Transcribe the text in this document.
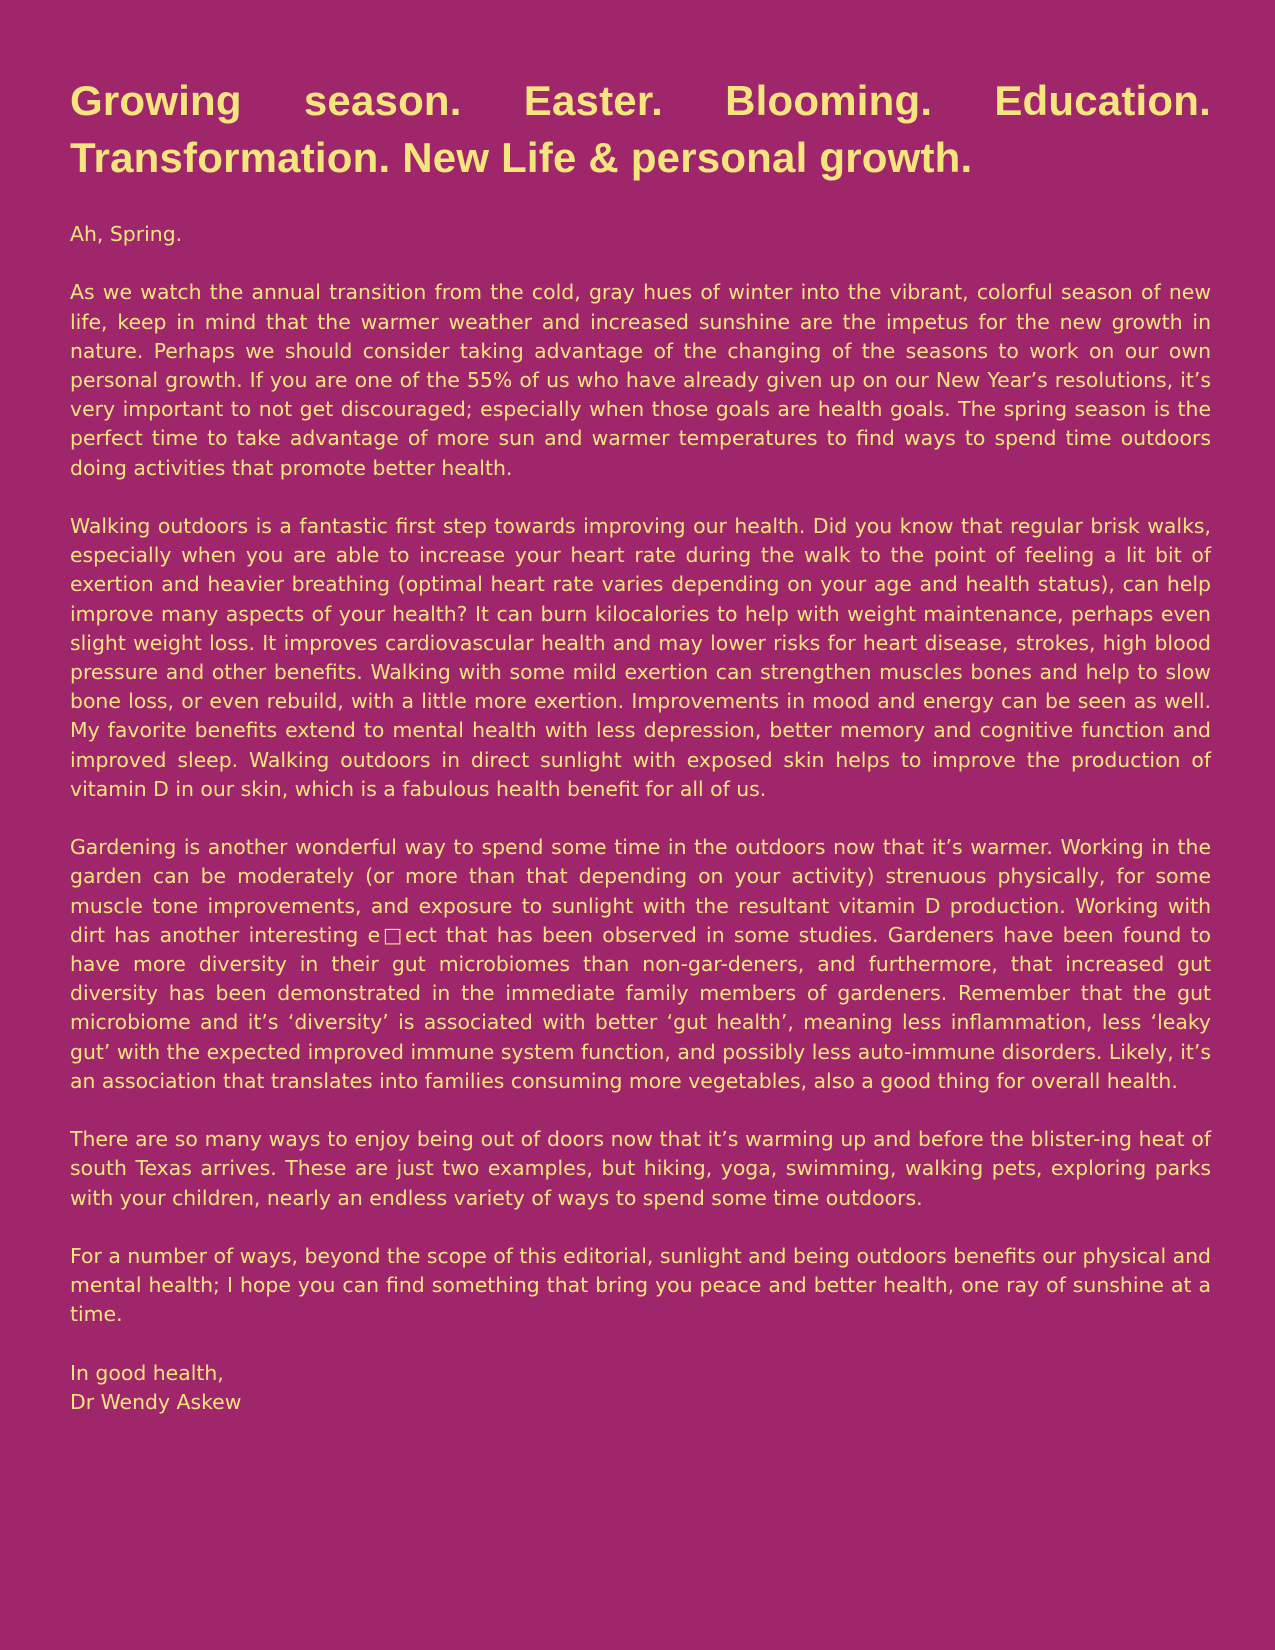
Growing season. Easter. Blooming. Education. Transformation. New Life & personal growth.

Ah, Spring.

As we watch the annual transition from the cold, gray hues of winter into the vibrant, colorful season of new life, keep in mind that the warmer weather and increased sunshine are the impetus for the new growth in nature. Perhaps we should consider taking advantage of the changing of the seasons to work on our own personal growth. If you are one of the 55% of us who have already given up on our New Year’s resolutions, it’s very important to not get discouraged; especially when those goals are health goals. The spring season is the perfect time to take advantage of more sun and warmer temperatures to find ways to spend time outdoors doing activities that promote better health.

Walking outdoors is a fantastic first step towards improving our health. Did you know that regular brisk walks, especially when you are able to increase your heart rate during the walk to the point of feeling a lit bit of exertion and heavier breathing (optimal heart rate varies depending on your age and health status), can help improve many aspects of your health? It can burn kilocalories to help with weight maintenance, perhaps even slight weight loss. It improves cardiovascular health and may lower risks for heart disease, strokes, high blood pressure and other benefits. Walking with some mild exertion can strengthen muscles bones and help to slow bone loss, or even rebuild, with a little more exertion. Improvements in mood and energy can be seen as well. My favorite benefits extend to mental health with less depression, better memory and cognitive function and improved sleep. Walking outdoors in direct sunlight with exposed skin helps to improve the production of vitamin D in our skin, which is a fabulous health benefit for all of us.

Gardening is another wonderful way to spend some time in the outdoors now that it’s warmer. Working in the garden can be moderately (or more than that depending on your activity) strenuous physically, for some muscle tone improvements, and exposure to sunlight with the resultant vitamin D production. Working with dirt has another interesting e□ect that has been observed in some studies. Gardeners have been found to have more diversity in their gut microbiomes than non-gar-deners, and furthermore, that increased gut diversity has been demonstrated in the immediate family members of gardeners. Remember that the gut microbiome and it’s ‘diversity’ is associated with better ‘gut health’, meaning less inflammation, less ‘leaky gut’ with the expected improved immune system function, and possibly less auto-immune disorders. Likely, it’s an association that translates into families consuming more vegetables, also a good thing for overall health.

There are so many ways to enjoy being out of doors now that it’s warming up and before the blister-ing heat of south Texas arrives. These are just two examples, but hiking, yoga, swimming, walking pets, exploring parks with your children, nearly an endless variety of ways to spend some time outdoors.

For a number of ways, beyond the scope of this editorial, sunlight and being outdoors benefits our physical and mental health; I hope you can find something that bring you peace and better health, one ray of sunshine at a time.

In good health,
Dr Wendy Askew
